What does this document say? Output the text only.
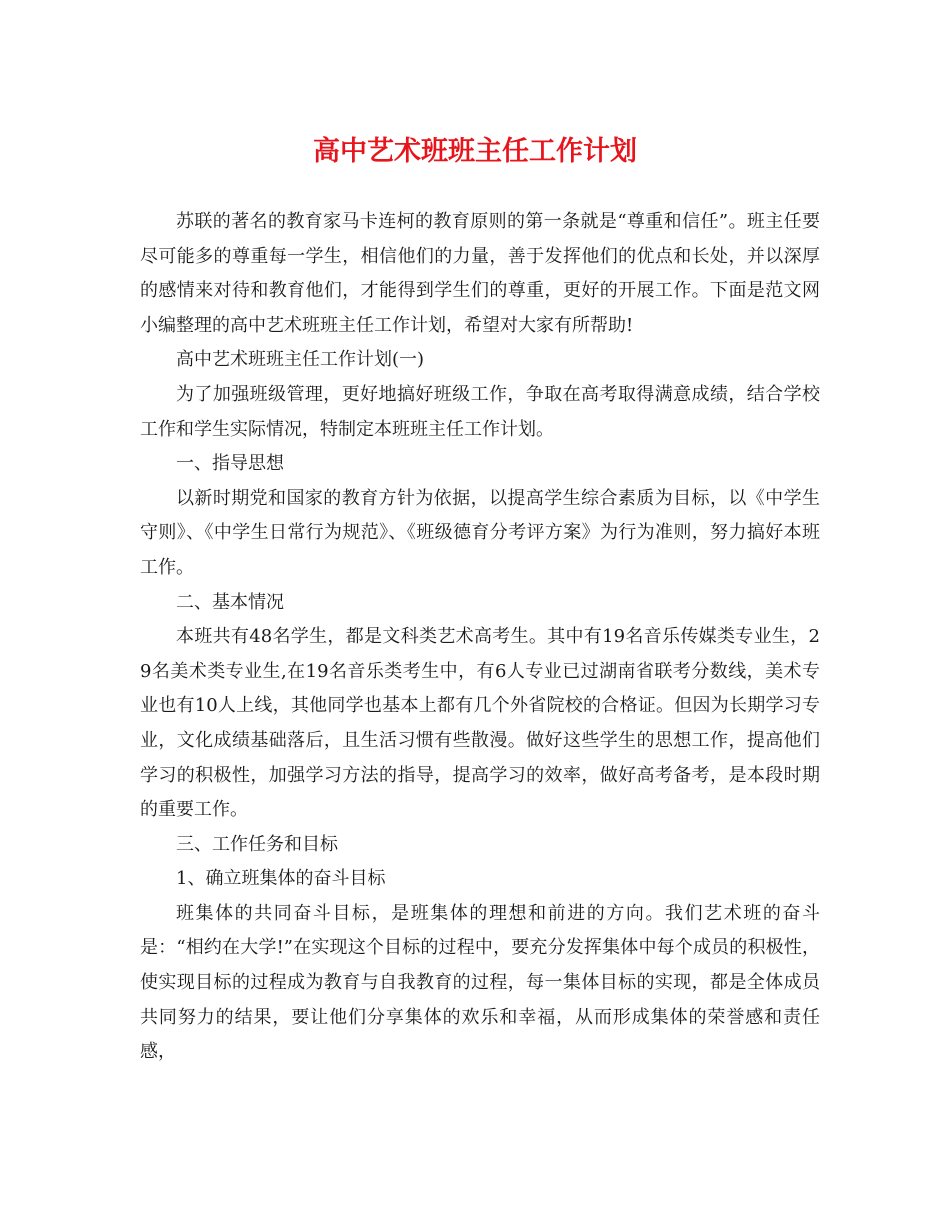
高中艺术班班主任工作计划

苏联的著名的教育家马卡连柯的教育原则的第一条就是“尊重和信任”。班主任要尽可能多的尊重每一学生，相信他们的力量，善于发挥他们的优点和长处，并以深厚的感情来对待和教育他们，才能得到学生们的尊重，更好的开展工作。下面是范文网小编整理的高中艺术班班主任工作计划，希望对大家有所帮助!

高中艺术班班主任工作计划(一)

为了加强班级管理，更好地搞好班级工作，争取在高考取得满意成绩，结合学校工作和学生实际情况，特制定本班班主任工作计划。

一、指导思想

以新时期党和国家的教育方针为依据，以提高学生综合素质为目标，以《中学生守则》、《中学生日常行为规范》、《班级德育分考评方案》为行为准则，努力搞好本班工作。

二、基本情况

本班共有48名学生，都是文科类艺术高考生。其中有19名音乐传媒类专业生，29名美术类专业生,在19名音乐类考生中，有6人专业已过湖南省联考分数线，美术专业也有10人上线，其他同学也基本上都有几个外省院校的合格证。但因为长期学习专业，文化成绩基础落后，且生活习惯有些散漫。做好这些学生的思想工作，提高他们学习的积极性，加强学习方法的指导，提高学习的效率，做好高考备考，是本段时期的重要工作。

三、工作任务和目标

1、确立班集体的奋斗目标

班集体的共同奋斗目标，是班集体的理想和前进的方向。我们艺术班的奋斗是：“相约在大学!”在实现这个目标的过程中，要充分发挥集体中每个成员的积极性，使实现目标的过程成为教育与自我教育的过程，每一集体目标的实现，都是全体成员共同努力的结果，要让他们分享集体的欢乐和幸福，从而形成集体的荣誉感和责任感，
